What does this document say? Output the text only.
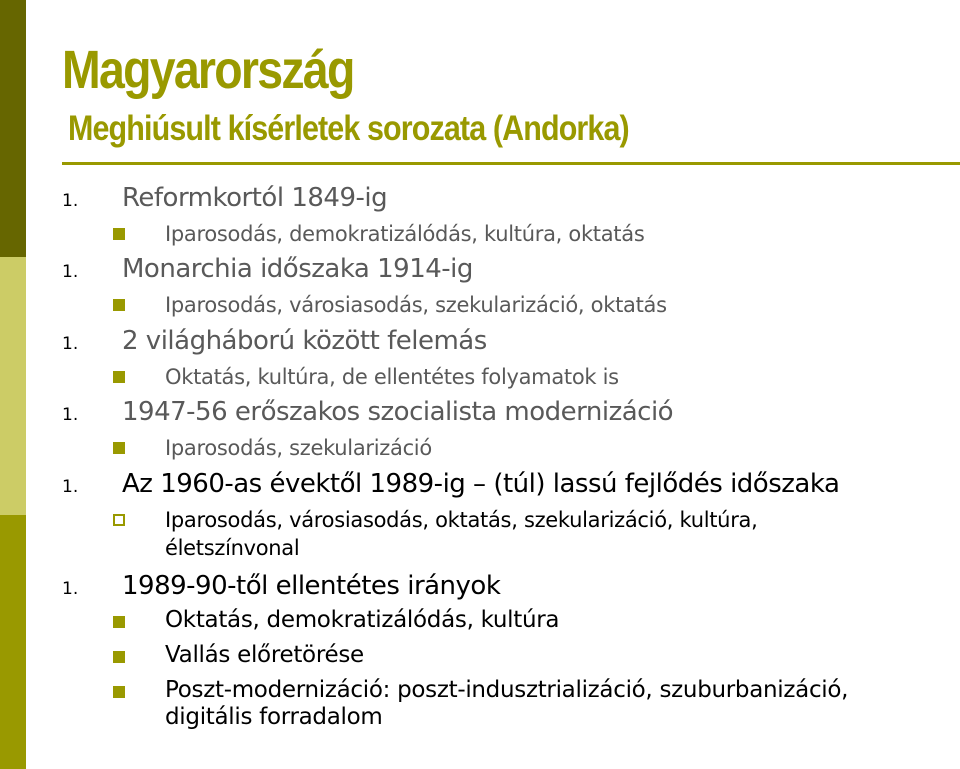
Magyarország
Meghiúsult kísérletek sorozata (Andorka)
1. Reformkortól 1849-ig
Iparosodás, demokratizálódás, kultúra, oktatás
1. Monarchia időszaka 1914-ig
Iparosodás, városiasodás, szekularizáció, oktatás
1. 2 világháború között felemás
Oktatás, kultúra, de ellentétes folyamatok is
1. 1947-56 erőszakos szocialista modernizáció
Iparosodás, szekularizáció
1. Az 1960-as évektől 1989-ig – (túl) lassú fejlődés időszaka
Iparosodás, városiasodás, oktatás, szekularizáció, kultúra,
életszínvonal
1. 1989-90-től ellentétes irányok
Oktatás, demokratizálódás, kultúra
Vallás előretörése
Poszt-modernizáció: poszt-indusztrializáció, szuburbanizáció,
digitális forradalom
